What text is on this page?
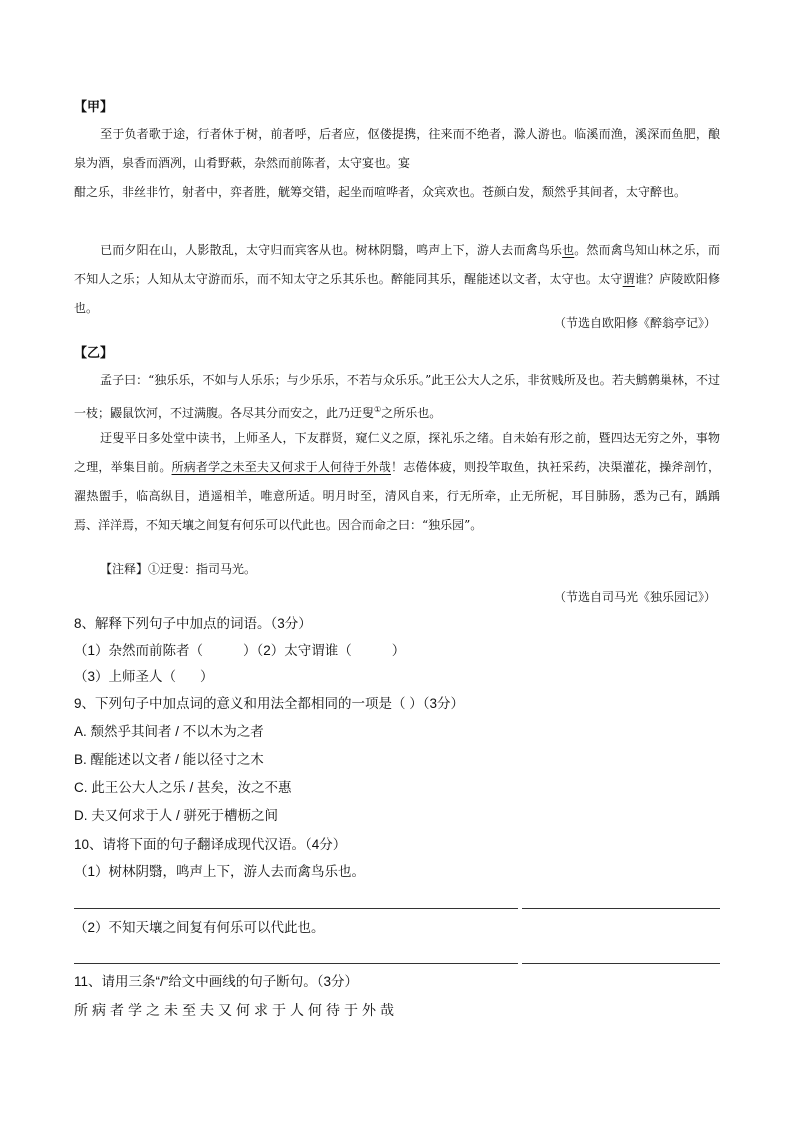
【甲】
至于负者歌于途，行者休于树，前者呼，后者应，伛偻提携，往来而不绝者，滁人游也。临溪而渔，溪深而鱼肥，酿泉为酒，泉香而酒冽，山肴野蔌，杂然而前陈者，太守宴也。宴
酣之乐，非丝非竹，射者中，弈者胜，觥筹交错，起坐而喧哗者，众宾欢也。苍颜白发，颓然乎其间者，太守醉也。
已而夕阳在山，人影散乱，太守归而宾客从也。树林阴翳，鸣声上下，游人去而禽鸟乐也。然而禽鸟知山林之乐，而不知人之乐；人知从太守游而乐，而不知太守之乐其乐也。醉能同其乐，醒能述以文者，太守也。太守谓谁？庐陵欧阳修也。
（节选自欧阳修《醉翁亭记》）
【乙】
孟子曰：“独乐乐，不如与人乐乐；与少乐乐，不若与众乐乐。”此王公大人之乐，非贫贱所及也。若夫鹪鹩巢林，不过一枝；鼹鼠饮河，不过满腹。各尽其分而安之，此乃迂叟①之所乐也。
迂叟平日多处堂中读书，上师圣人，下友群贤，窥仁义之原，探礼乐之绪。自未始有形之前，暨四达无穷之外，事物之理，举集目前。所病者学之未至夫又何求于人何待于外哉！志倦体疲，则投竿取鱼，执衽采药，决渠灌花，操斧剖竹，濯热盥手，临高纵目，逍遥相羊，唯意所适。明月时至，清风自来，行无所牵，止无所柅，耳目肺肠，悉为己有，踽踽焉、洋洋焉，不知天壤之间复有何乐可以代此也。因合而命之曰：“独乐园”。
【注释】①迂叟：指司马光。
（节选自司马光《独乐园记》）
8、解释下列句子中加点的词语。（3分）
（1）杂然而前陈者（	）（2）太守谓谁（	）
（3）上师圣人（ ）
9、下列句子中加点词的意义和用法全都相同的一项是（ ）（3分）
A. 颓然乎其间者 / 不以木为之者
B. 醒能述以文者 / 能以径寸之木
C. 此王公大人之乐 / 甚矣，汝之不惠
D. 夫又何求于人 / 骈死于槽枥之间
10、请将下面的句子翻译成现代汉语。（4分）
（1）树林阴翳，鸣声上下，游人去而禽鸟乐也。
（2）不知天壤之间复有何乐可以代此也。
11、请用三条“/”给文中画线的句子断句。（3分）
所病者学之未至夫又何求于人何待于外哉
